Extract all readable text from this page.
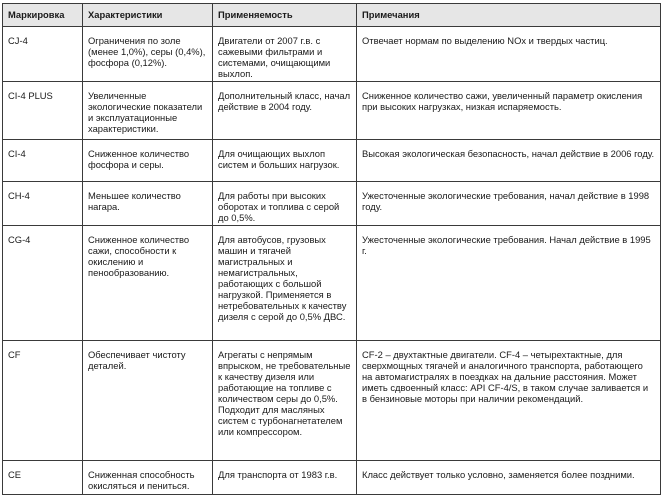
Маркировка	Характеристики	Применяемость	Примечания
CJ-4	Ограничения по золе (менее 1,0%), серы (0,4%), фосфора (0,12%).	Двигатели от 2007 г.в. с сажевыми фильтрами и системами, очищающими выхлоп.	Отвечает нормам по выделению NOx и твердых частиц.
CI-4 PLUS	Увеличенные экологические показатели и эксплуатационные характеристики.	Дополнительный класс, начал действие в 2004 году.	Сниженное количество сажи, увеличенный параметр окисления при высоких нагрузках, низкая испаряемость.
CI-4	Сниженное количество фосфора и серы.	Для очищающих выхлоп систем и больших нагрузок.	Высокая экологическая безопасность, начал действие в 2006 году.
CH-4	Меньшее количество нагара.	Для работы при высоких оборотах и топлива с серой до 0,5%.	Ужесточенные экологические требования, начал действие в 1998 году.
CG-4	Сниженное количество сажи, способности к окислению и пенообразованию.	Для автобусов, грузовых машин и тягачей магистральных и немагистральных, работающих с большой нагрузкой. Применяется в нетребовательных к качеству дизеля с серой до 0,5% ДВС.	Ужесточенные экологические требования. Начал действие в 1995 г.
CF	Обеспечивает чистоту деталей.	Агрегаты с непрямым впрыском, не требовательные к качеству дизеля или работающие на топливе с количеством серы до 0,5%. Подходит для масляных систем с турбонагнетателем или компрессором.	CF-2 – двухтактные двигатели. CF-4 – четырехтактные, для сверхмощных тягачей и аналогичного транспорта, работающего на автомагистралях в поездках на дальние расстояния. Может иметь сдвоенный класс: API CF-4/S, в таком случае заливается и в бензиновые моторы при наличии рекомендаций.
CE	Сниженная способность окисляться и пениться.	Для транспорта от 1983 г.в.	Класс действует только условно, заменяется более поздними.
